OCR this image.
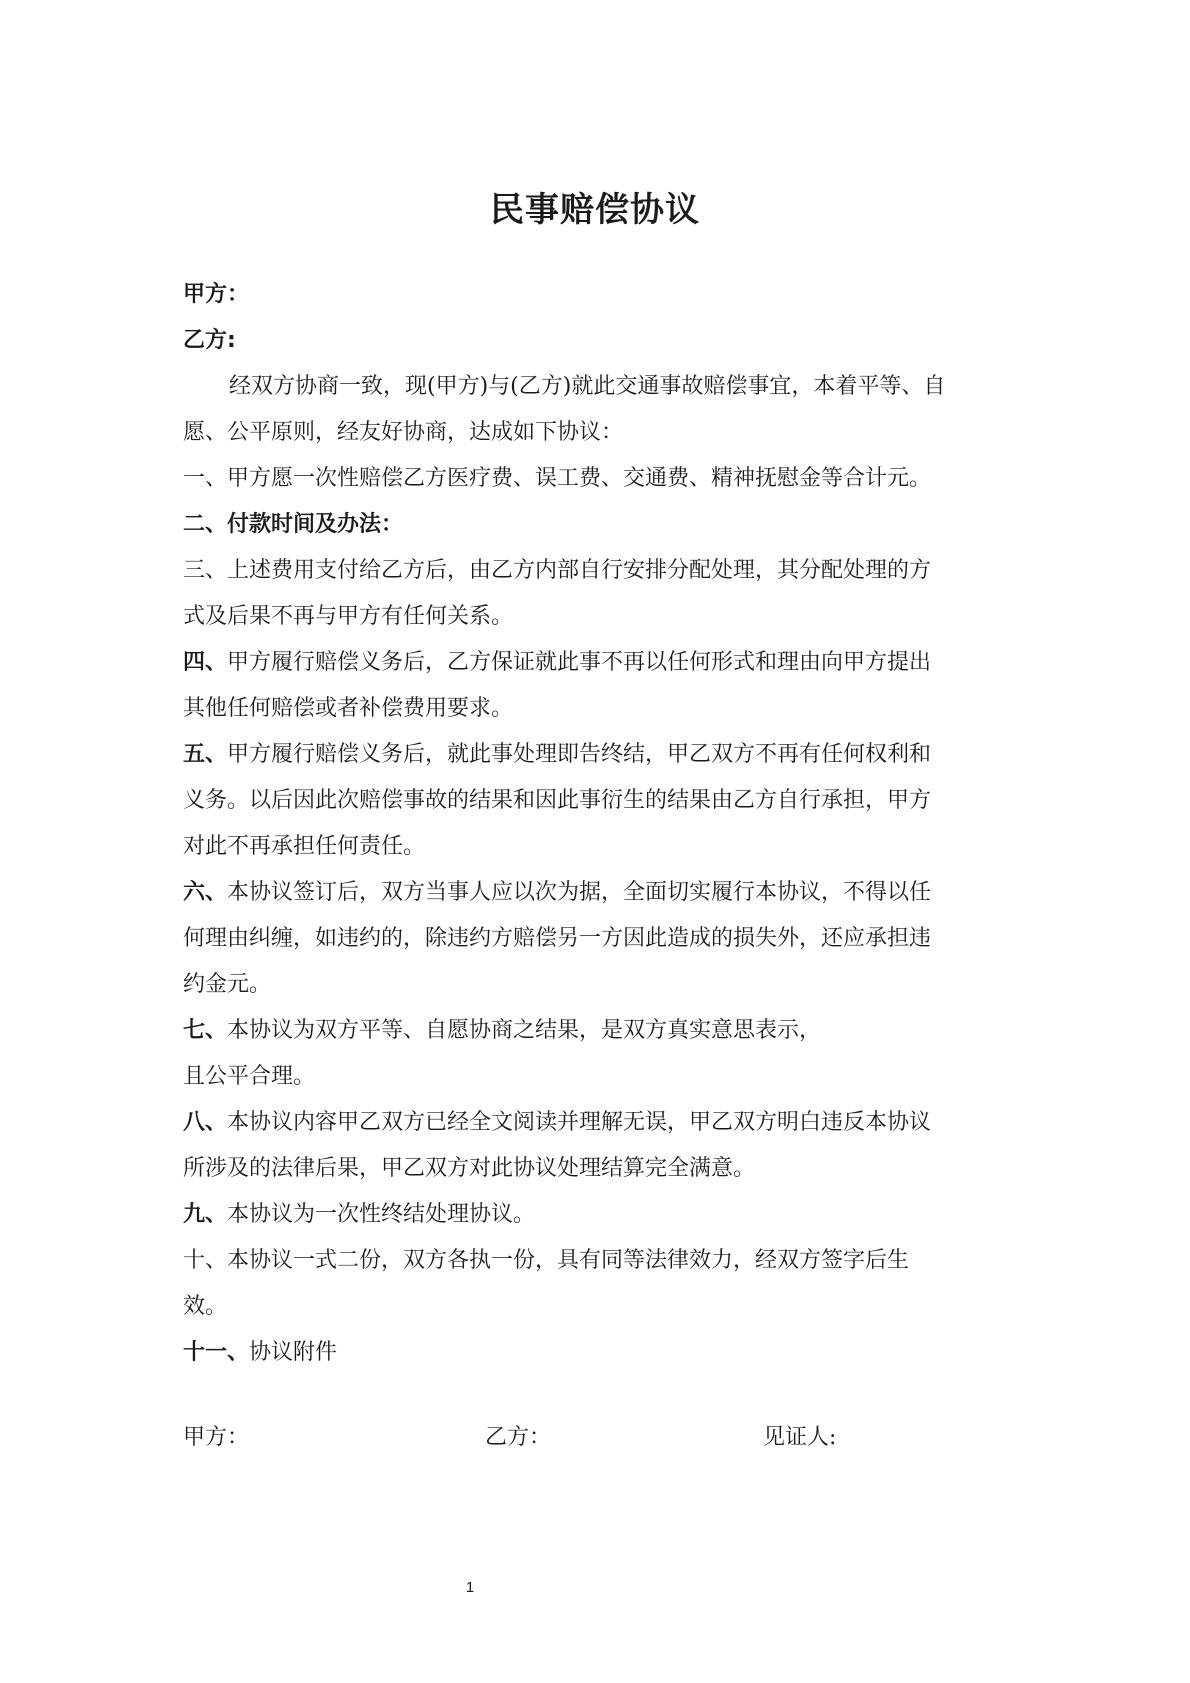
民事赔偿协议
甲方：
乙方:
经双方协商一致，现(甲方)与(乙方)就此交通事故赔偿事宜，本着平等、自
愿、公平原则，经友好协商，达成如下协议：
一、甲方愿一次性赔偿乙方医疗费、误工费、交通费、精神抚慰金等合计元。
二、付款时间及办法：
三、上述费用支付给乙方后，由乙方内部自行安排分配处理，其分配处理的方
式及后果不再与甲方有任何关系。
四、甲方履行赔偿义务后，乙方保证就此事不再以任何形式和理由向甲方提出
其他任何赔偿或者补偿费用要求。
五、甲方履行赔偿义务后，就此事处理即告终结，甲乙双方不再有任何权利和
义务。以后因此次赔偿事故的结果和因此事衍生的结果由乙方自行承担，甲方
对此不再承担任何责任。
六、本协议签订后，双方当事人应以次为据，全面切实履行本协议，不得以任
何理由纠缠，如违约的，除违约方赔偿另一方因此造成的损失外，还应承担违
约金元。
七、本协议为双方平等、自愿协商之结果，是双方真实意思表示，
且公平合理。
八、本协议内容甲乙双方已经全文阅读并理解无误，甲乙双方明白违反本协议
所涉及的法律后果，甲乙双方对此协议处理结算完全满意。
九、本协议为一次性终结处理协议。
十、本协议一式二份，双方各执一份，具有同等法律效力，经双方签字后生
效。
十一、协议附件
甲方：	乙方：	见证人:
1
